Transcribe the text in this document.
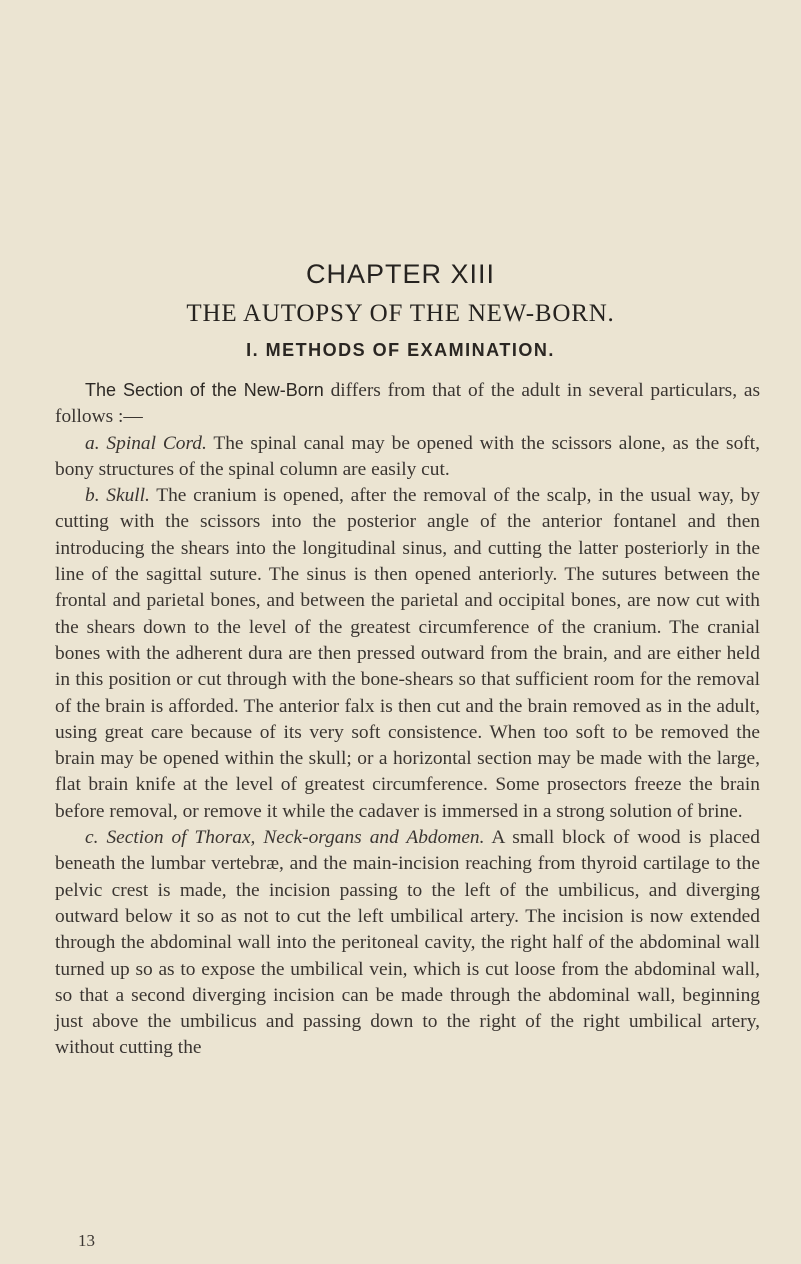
CHAPTER XIII
THE AUTOPSY OF THE NEW-BORN.
I. METHODS OF EXAMINATION.

The Section of the New-Born differs from that of the adult in several particulars, as follows :—

a. Spinal Cord. The spinal canal may be opened with the scissors alone, as the soft, bony structures of the spinal column are easily cut.

b. Skull. The cranium is opened, after the removal of the scalp, in the usual way, by cutting with the scissors into the posterior angle of the anterior fontanel and then introducing the shears into the longitudinal sinus, and cutting the latter posteriorly in the line of the sagittal suture. The sinus is then opened anteriorly. The sutures between the frontal and parietal bones, and between the parietal and occipital bones, are now cut with the shears down to the level of the greatest circumference of the cranium. The cranial bones with the adherent dura are then pressed outward from the brain, and are either held in this position or cut through with the bone-shears so that sufficient room for the removal of the brain is afforded. The anterior falx is then cut and the brain removed as in the adult, using great care because of its very soft consistence. When too soft to be removed the brain may be opened within the skull; or a horizontal section may be made with the large, flat brain knife at the level of greatest circumference. Some prosectors freeze the brain before removal, or remove it while the cadaver is immersed in a strong solution of brine.

c. Section of Thorax, Neck-organs and Abdomen. A small block of wood is placed beneath the lumbar vertebræ, and the main-incision reaching from thyroid cartilage to the pelvic crest is made, the incision passing to the left of the umbilicus, and diverging outward below it so as not to cut the left umbilical artery. The incision is now extended through the abdominal wall into the peritoneal cavity, the right half of the abdominal wall turned up so as to expose the umbilical vein, which is cut loose from the abdominal wall, so that a second diverging incision can be made through the abdominal wall, beginning just above the umbilicus and passing down to the right of the right umbilical artery, without cutting the

13
